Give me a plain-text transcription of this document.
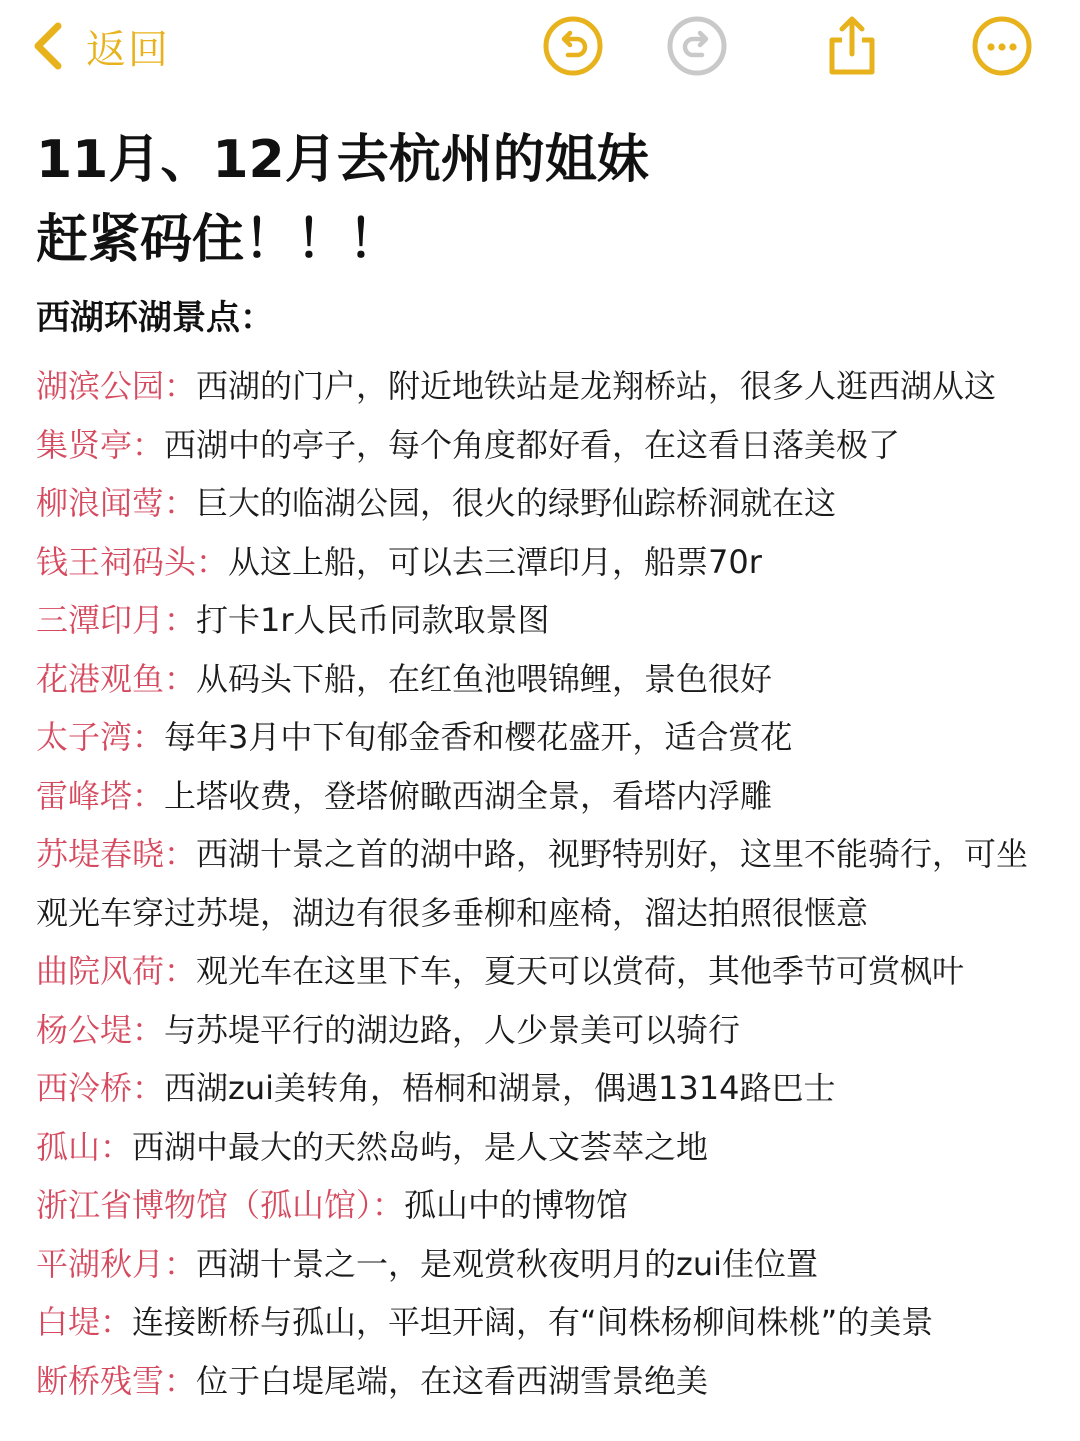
返回
11月、12月去杭州的姐妹
赶紧码住！！！
西湖环湖景点：
湖滨公园：西湖的门户，附近地铁站是龙翔桥站，很多人逛西湖从这
集贤亭：西湖中的亭子，每个角度都好看，在这看日落美极了
柳浪闻莺：巨大的临湖公园，很火的绿野仙踪桥洞就在这
钱王祠码头：从这上船，可以去三潭印月，船票70r
三潭印月：打卡1r人民币同款取景图
花港观鱼：从码头下船，在红鱼池喂锦鲤，景色很好
太子湾：每年3月中下旬郁金香和樱花盛开，适合赏花
雷峰塔：上塔收费，登塔俯瞰西湖全景，看塔内浮雕
苏堤春晓：西湖十景之首的湖中路，视野特别好，这里不能骑行，可坐观光车穿过苏堤，湖边有很多垂柳和座椅，溜达拍照很惬意
曲院风荷：观光车在这里下车，夏天可以赏荷，其他季节可赏枫叶
杨公堤：与苏堤平行的湖边路，人少景美可以骑行
西泠桥：西湖zui美转角，梧桐和湖景，偶遇1314路巴士
孤山：西湖中最大的天然岛屿，是人文荟萃之地
浙江省博物馆（孤山馆）：孤山中的博物馆
平湖秋月：西湖十景之一，是观赏秋夜明月的zui佳位置
白堤：连接断桥与孤山，平坦开阔，有“间株杨柳间株桃”的美景
断桥残雪：位于白堤尾端，在这看西湖雪景绝美
